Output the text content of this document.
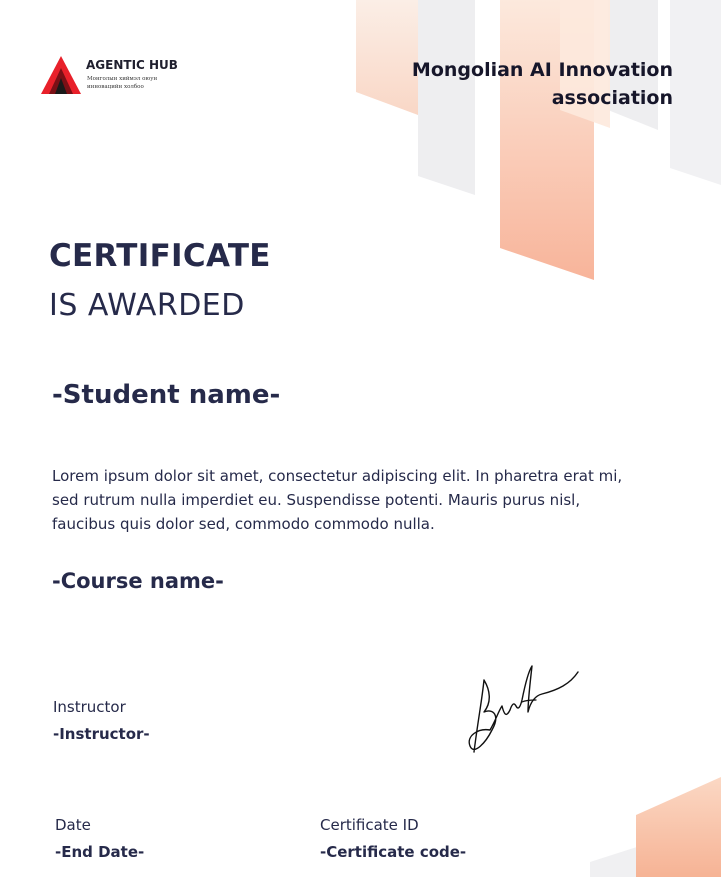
AGENTIC HUB
Монголын хиймэл оюун инновацийн холбоо
Mongolian AI Innovation
association
CERTIFICATE
IS AWARDED
-Student name-
Lorem ipsum dolor sit amet, consectetur adipiscing elit. In pharetra erat mi, sed rutrum nulla imperdiet eu. Suspendisse potenti. Mauris purus nisl, faucibus quis dolor sed, commodo commodo nulla.
-Course name-
Instructor
-Instructor-
Date
-End Date-
Certificate ID
-Certificate code-
